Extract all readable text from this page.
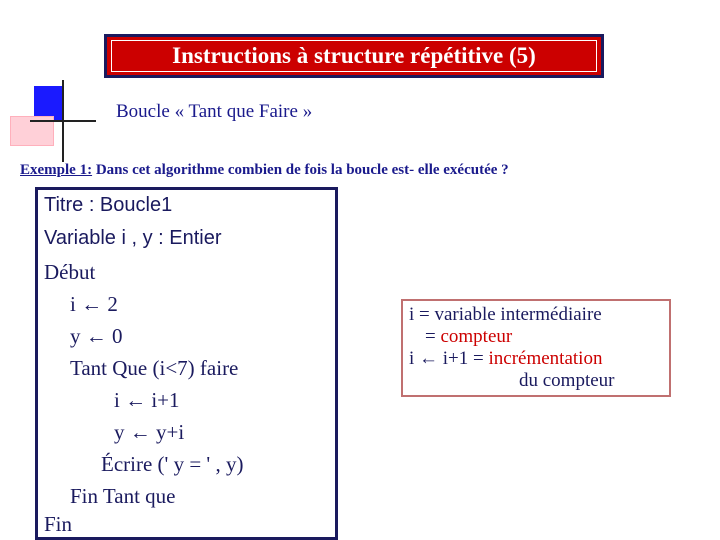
Instructions à structure répétitive (5)
Boucle « Tant que Faire »
Exemple 1: Dans cet algorithme combien de fois la boucle est- elle exécutée ?
Titre : Boucle1
Variable i , y : Entier
Début
i ← 2
y ← 0
Tant Que (i<7) faire
i ← i+1
y ← y+i
Écrire (' y = ' , y)
Fin Tant que
Fin
i = variable intermédiaire
= compteur
i ← i+1 = incrémentation
du compteur
